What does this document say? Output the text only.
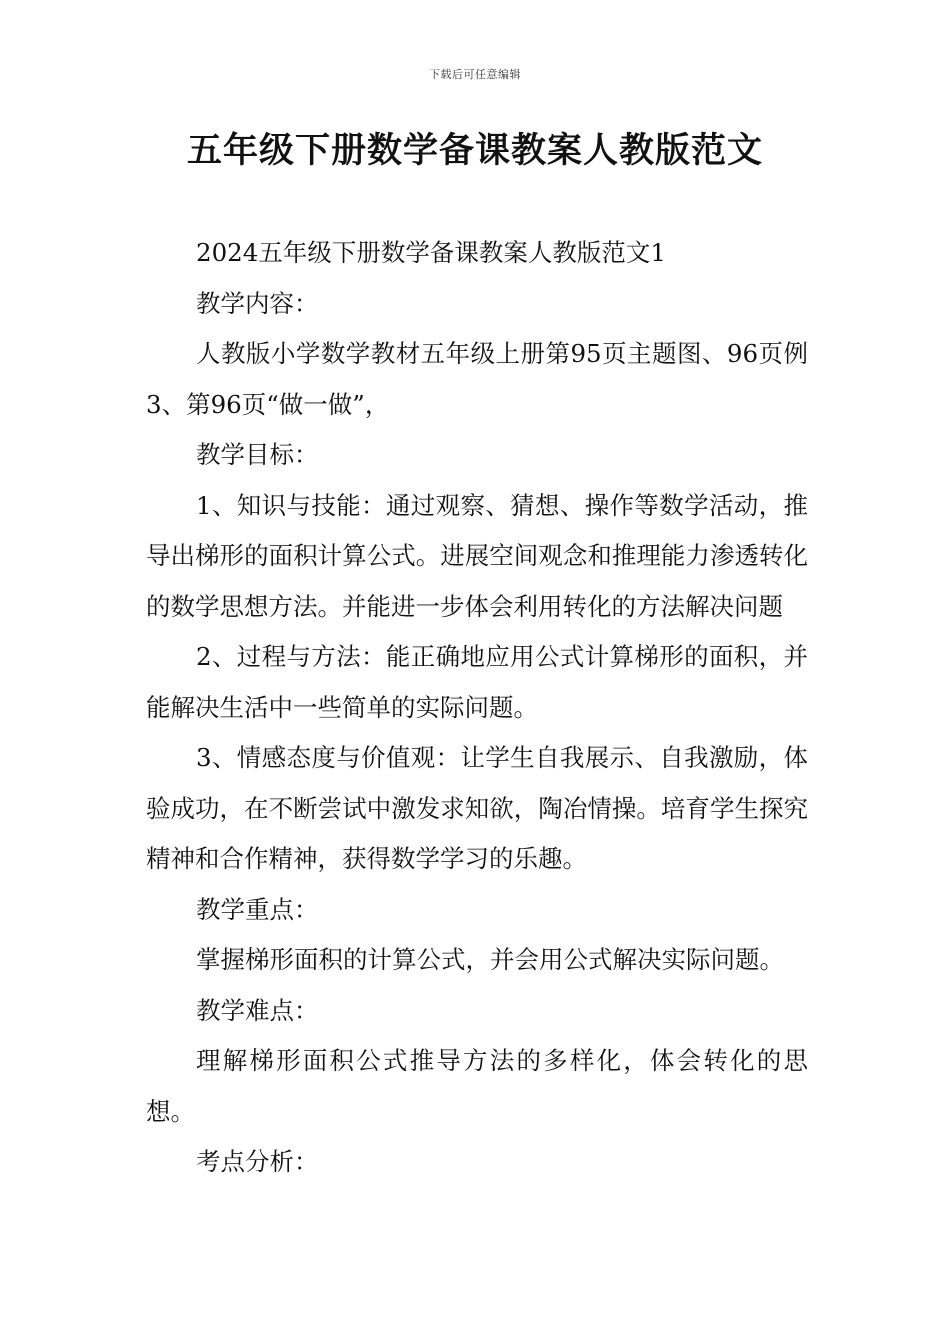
下载后可任意编辑
五年级下册数学备课教案人教版范文

2024五年级下册数学备课教案人教版范文1

教学内容：

人教版小学数学教材五年级上册第95页主题图、96页例3、第96页“做一做”，

教学目标：

1、知识与技能：通过观察、猜想、操作等数学活动，推导出梯形的面积计算公式。进展空间观念和推理能力渗透转化的数学思想方法。并能进一步体会利用转化的方法解决问题

2、过程与方法：能正确地应用公式计算梯形的面积，并能解决生活中一些简单的实际问题。

3、情感态度与价值观：让学生自我展示、自我激励，体验成功，在不断尝试中激发求知欲，陶冶情操。培育学生探究精神和合作精神，获得数学学习的乐趣。

教学重点：

掌握梯形面积的计算公式，并会用公式解决实际问题。

教学难点：

理解梯形面积公式推导方法的多样化，体会转化的思想。

考点分析：
